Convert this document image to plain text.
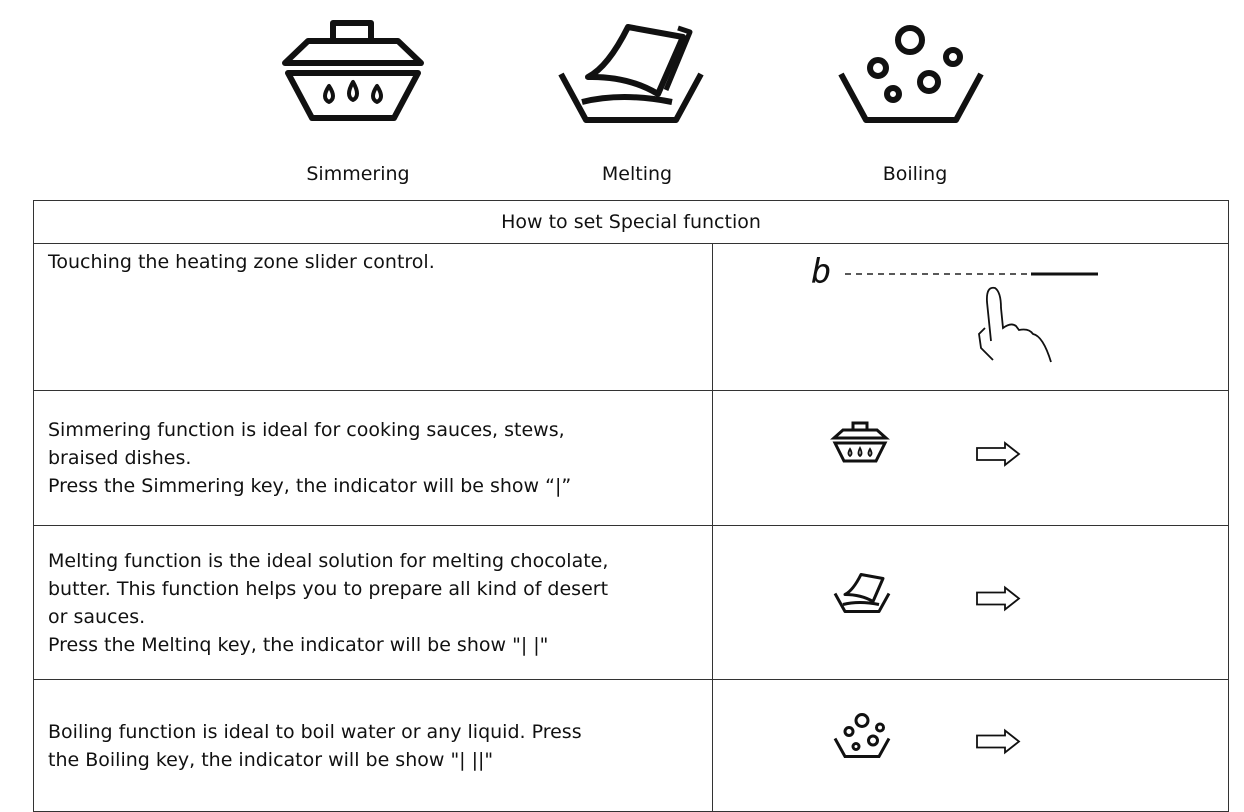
Simmering	Melting	Boiling
How to set Special function	

Touching the heating zone slider control.	b

Simmering function is ideal for cooking sauces, stews,
braised dishes.
Press the Simmering key, the indicator will be show “|”

Melting function is the ideal solution for melting chocolate,
butter. This function helps you to prepare all kind of desert
or sauces.
Press the Meltinq key, the indicator will be show "| |"

Boiling function is ideal to boil water or any liquid. Press
the Boiling key, the indicator will be show "| ||"
